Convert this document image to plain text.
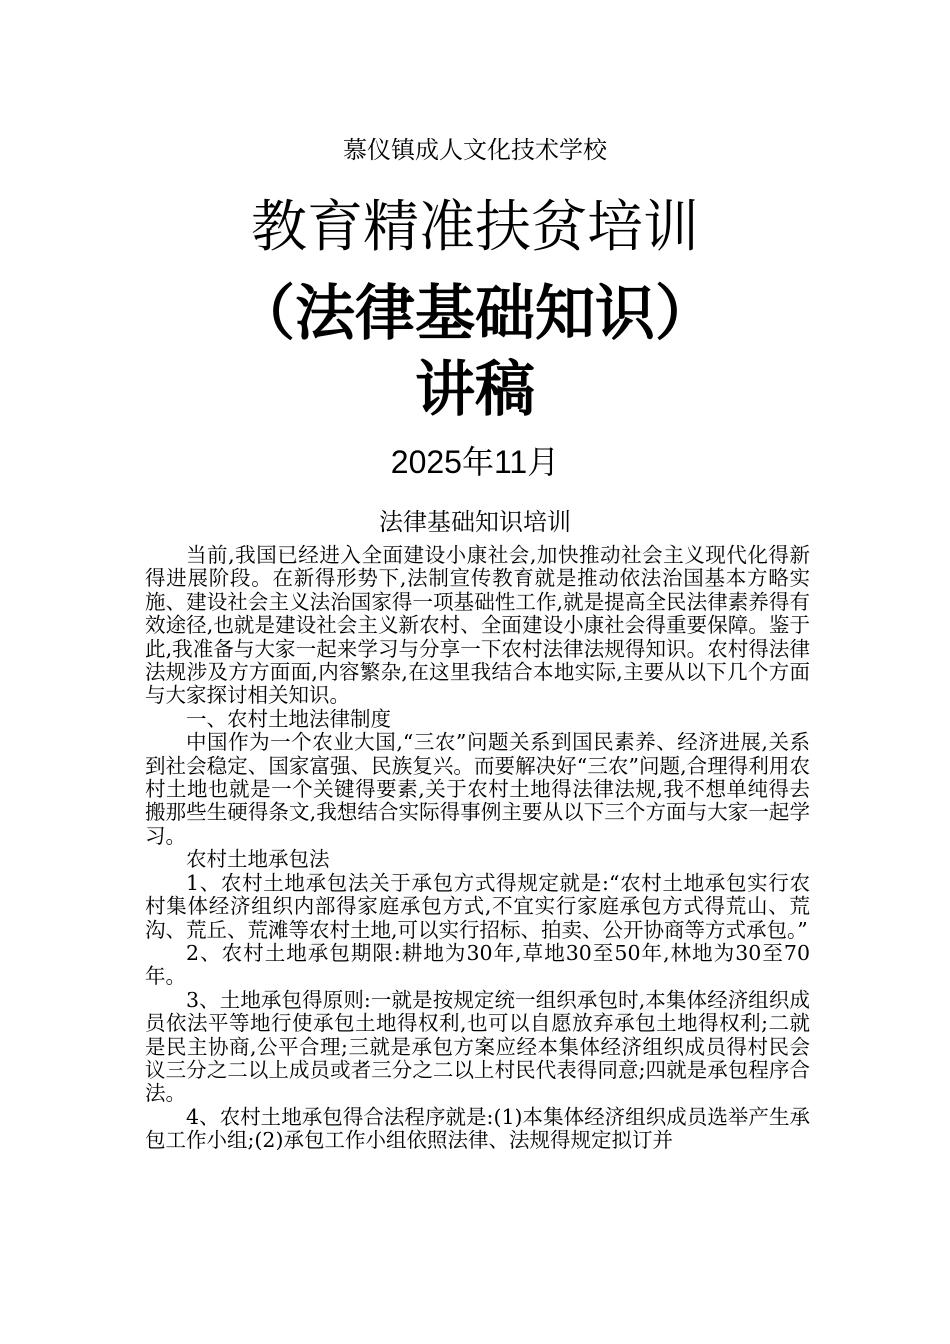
慕仪镇成人文化技术学校
教育精准扶贫培训
（法律基础知识）
讲稿
2025年11月
法律基础知识培训

当前,我国已经进入全面建设小康社会,加快推动社会主义现代化得新得进展阶段。在新得形势下,法制宣传教育就是推动依法治国基本方略实施、建设社会主义法治国家得一项基础性工作,就是提高全民法律素养得有效途径,也就是建设社会主义新农村、全面建设小康社会得重要保障。鉴于此,我准备与大家一起来学习与分享一下农村法律法规得知识。农村得法律法规涉及方方面面,内容繁杂,在这里我结合本地实际,主要从以下几个方面与大家探讨相关知识。

一、农村土地法律制度

中国作为一个农业大国,“三农”问题关系到国民素养、经济进展,关系到社会稳定、国家富强、民族复兴。而要解决好“三农”问题,合理得利用农村土地也就是一个关键得要素,关于农村土地得法律法规,我不想单纯得去搬那些生硬得条文,我想结合实际得事例主要从以下三个方面与大家一起学习。

农村土地承包法

1、农村土地承包法关于承包方式得规定就是:“农村土地承包实行农村集体经济组织内部得家庭承包方式,不宜实行家庭承包方式得荒山、荒沟、荒丘、荒滩等农村土地,可以实行招标、拍卖、公开协商等方式承包。”

2、农村土地承包期限:耕地为30年,草地30至50年,林地为30至70年。

3、土地承包得原则:一就是按规定统一组织承包时,本集体经济组织成员依法平等地行使承包土地得权利,也可以自愿放弃承包土地得权利;二就是民主协商,公平合理;三就是承包方案应经本集体经济组织成员得村民会议三分之二以上成员或者三分之二以上村民代表得同意;四就是承包程序合法。

4、农村土地承包得合法程序就是:(1)本集体经济组织成员选举产生承包工作小组;(2)承包工作小组依照法律、法规得规定拟订并
